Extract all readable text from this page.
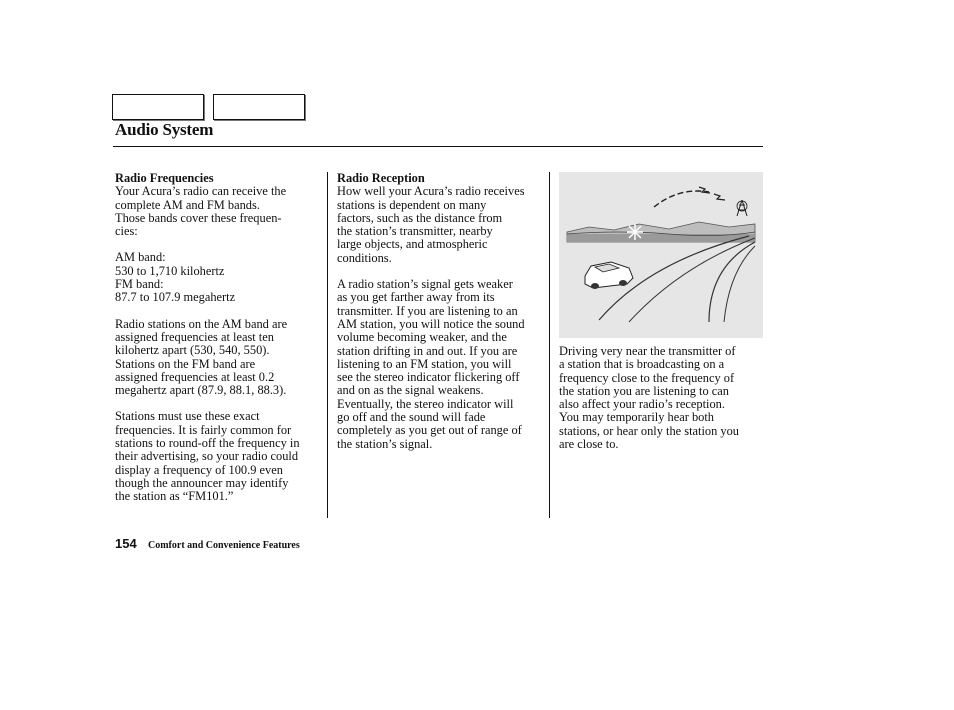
Audio System
Radio Frequencies

Your Acura’s radio can receive the
complete AM and FM bands.
Those bands cover these frequen-
cies:

AM band:
530 to 1,710 kilohertz
FM band:
87.7 to 107.9 megahertz

Radio stations on the AM band are
assigned frequencies at least ten
kilohertz apart (530, 540, 550).
Stations on the FM band are
assigned frequencies at least 0.2
megahertz apart (87.9, 88.1, 88.3).

Stations must use these exact
frequencies. It is fairly common for
stations to round-off the frequency in
their advertising, so your radio could
display a frequency of 100.9 even
though the announcer may identify
the station as “FM101.”

Radio Reception

How well your Acura’s radio receives
stations is dependent on many
factors, such as the distance from
the station’s transmitter, nearby
large objects, and atmospheric
conditions.

A radio station’s signal gets weaker
as you get farther away from its
transmitter. If you are listening to an
AM station, you will notice the sound
volume becoming weaker, and the
station drifting in and out. If you are
listening to an FM station, you will
see the stereo indicator flickering off
and on as the signal weakens.
Eventually, the stereo indicator will
go off and the sound will fade
completely as you get out of range of
the station’s signal.

Driving very near the transmitter of
a station that is broadcasting on a
frequency close to the frequency of
the station you are listening to can
also affect your radio’s reception.
You may temporarily hear both
stations, or hear only the station you
are close to.

154 Comfort and Convenience Features
